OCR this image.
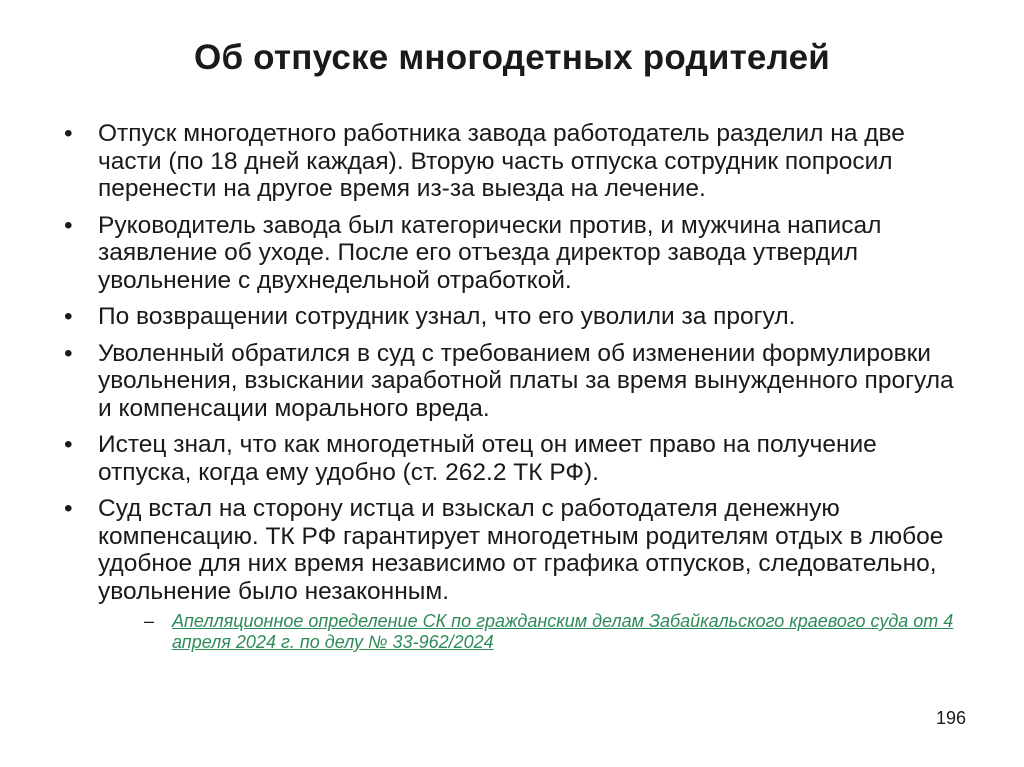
Об отпуске многодетных родителей
•	Отпуск многодетного работника завода работодатель разделил на две части (по 18 дней каждая). Вторую часть отпуска сотрудник попросил перенести на другое время из-за выезда на лечение.
•	Руководитель завода был категорически против, и мужчина написал заявление об уходе. После его отъезда директор завода утвердил увольнение с двухнедельной отработкой.
•	По возвращении сотрудник узнал, что его уволили за прогул.
•	Уволенный обратился в суд с требованием об изменении формулировки увольнения, взыскании заработной платы за время вынужденного прогула и компенсации морального вреда.
•	Истец знал, что как многодетный отец он имеет право на получение отпуска, когда ему удобно (ст. 262.2 ТК РФ).
•	Суд встал на сторону истца и взыскал с работодателя денежную компенсацию. ТК РФ гарантирует многодетным родителям отдых в любое удобное для них время независимо от графика отпусков, следовательно, увольнение было незаконным.
– Апелляционное определение СК по гражданским делам Забайкальского краевого суда от 4 апреля 2024 г. по делу № 33-962/2024
196
